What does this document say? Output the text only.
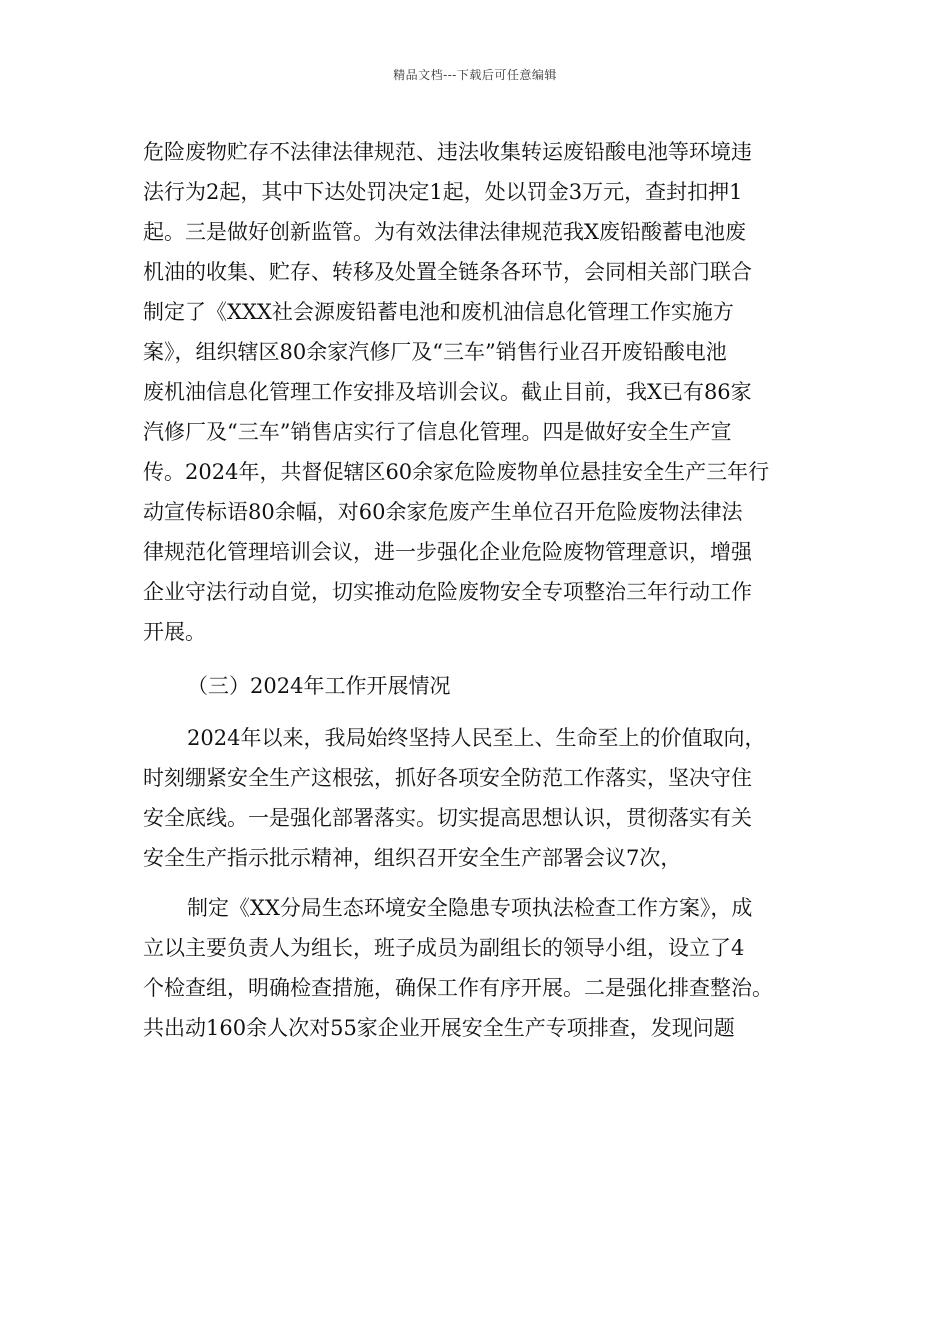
精品文档---下载后可任意编辑
危险废物贮存不法律法律规范、违法收集转运废铅酸电池等环境违
法行为2起，其中下达处罚决定1起，处以罚金3万元，查封扣押1
起。三是做好创新监管。为有效法律法律规范我X废铅酸蓄电池废
机油的收集、贮存、转移及处置全链条各环节，会同相关部门联合
制定了《XXX社会源废铅蓄电池和废机油信息化管理工作实施方
案》，组织辖区80余家汽修厂及“三车”销售行业召开废铅酸电池
废机油信息化管理工作安排及培训会议。截止目前，我X已有86家
汽修厂及“三车”销售店实行了信息化管理。四是做好安全生产宣
传。2024年，共督促辖区60余家危险废物单位悬挂安全生产三年行
动宣传标语80余幅，对60余家危废产生单位召开危险废物法律法
律规范化管理培训会议，进一步强化企业危险废物管理意识，增强
企业守法行动自觉，切实推动危险废物安全专项整治三年行动工作
开展。
（三）2024年工作开展情况
2024年以来，我局始终坚持人民至上、生命至上的价值取向，
时刻绷紧安全生产这根弦，抓好各项安全防范工作落实，坚决守住
安全底线。一是强化部署落实。切实提高思想认识，贯彻落实有关
安全生产指示批示精神，组织召开安全生产部署会议7次，
制定《XX分局生态环境安全隐患专项执法检查工作方案》，成
立以主要负责人为组长，班子成员为副组长的领导小组，设立了4
个检查组，明确检查措施，确保工作有序开展。二是强化排查整治。
共出动160余人次对55家企业开展安全生产专项排查，发现问题
